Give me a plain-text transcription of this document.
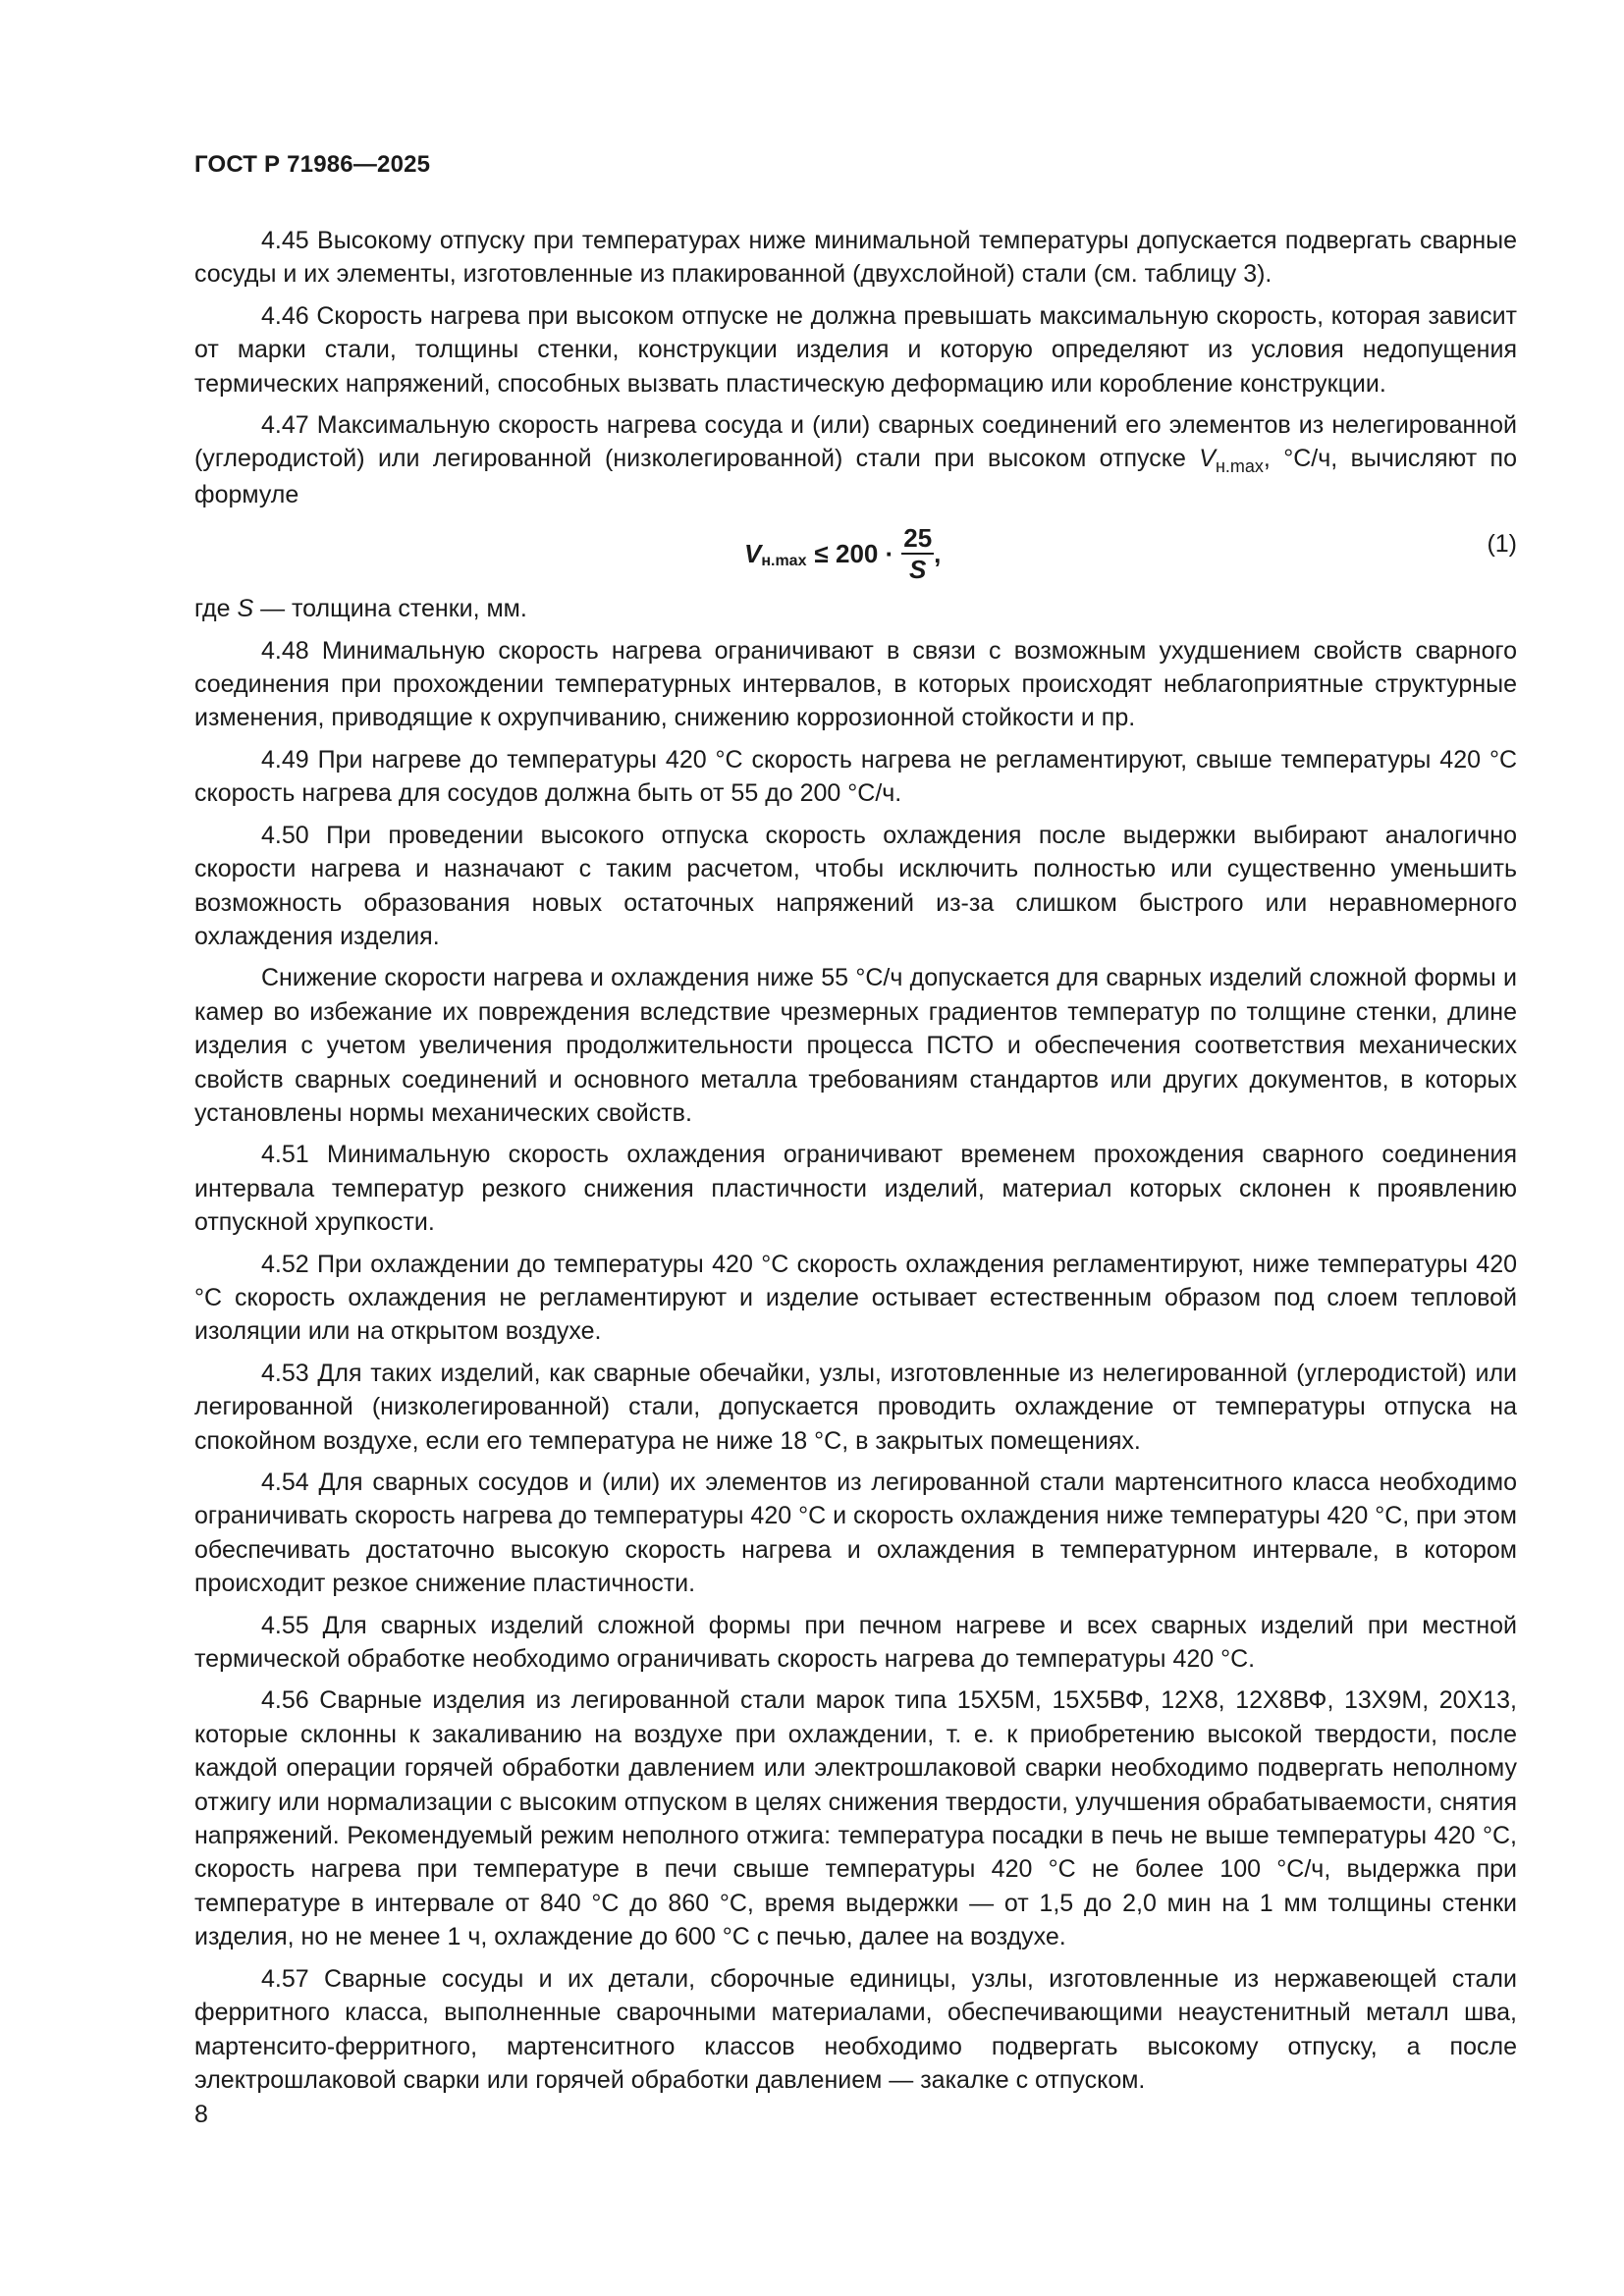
ГОСТ Р 71986—2025

4.45 Высокому отпуску при температурах ниже минимальной температуры допускается подвергать сварные сосуды и их элементы, изготовленные из плакированной (двухслойной) стали (см. таблицу 3).

4.46 Скорость нагрева при высоком отпуске не должна превышать максимальную скорость, которая зависит от марки стали, толщины стенки, конструкции изделия и которую определяют из условия недопущения термических напряжений, способных вызвать пластическую деформацию или коробление конструкции.

4.47 Максимальную скорость нагрева сосуда и (или) сварных соединений его элементов из нелегированной (углеродистой) или легированной (низколегированной) стали при высоком отпуске $V_{н.max}$, °С/ч, вычисляют по формуле

V $н.\max \le 200 \cdot \frac{25}{S}$ ,	(1)

где S — толщина стенки, мм.

4.48 Минимальную скорость нагрева ограничивают в связи с возможным ухудшением свойств сварного соединения при прохождении температурных интервалов, в которых происходят неблагоприятные структурные изменения, приводящие к охрупчиванию, снижению коррозионной стойкости и пр.

4.49 При нагреве до температуры 420 °С скорость нагрева не регламентируют, свыше температуры 420 °С скорость нагрева для сосудов должна быть от 55 до 200 °С/ч.

4.50 При проведении высокого отпуска скорость охлаждения после выдержки выбирают аналогично скорости нагрева и назначают с таким расчетом, чтобы исключить полностью или существенно уменьшить возможность образования новых остаточных напряжений из-за слишком быстрого или неравномерного охлаждения изделия.

Снижение скорости нагрева и охлаждения ниже 55 °С/ч допускается для сварных изделий сложной формы и камер во избежание их повреждения вследствие чрезмерных градиентов температур по толщине стенки, длине изделия с учетом увеличения продолжительности процесса ПСТО и обеспечения соответствия механических свойств сварных соединений и основного металла требованиям стандартов или других документов, в которых установлены нормы механических свойств.

4.51 Минимальную скорость охлаждения ограничивают временем прохождения сварного соединения интервала температур резкого снижения пластичности изделий, материал которых склонен к проявлению отпускной хрупкости.

4.52 При охлаждении до температуры 420 °С скорость охлаждения регламентируют, ниже температуры 420 °С скорость охлаждения не регламентируют и изделие остывает естественным образом под слоем тепловой изоляции или на открытом воздухе.

4.53 Для таких изделий, как сварные обечайки, узлы, изготовленные из нелегированной (углеродистой) или легированной (низколегированной) стали, допускается проводить охлаждение от температуры отпуска на спокойном воздухе, если его температура не ниже 18 °С, в закрытых помещениях.

4.54 Для сварных сосудов и (или) их элементов из легированной стали мартенситного класса необходимо ограничивать скорость нагрева до температуры 420 °С и скорость охлаждения ниже температуры 420 °С, при этом обеспечивать достаточно высокую скорость нагрева и охлаждения в температурном интервале, в котором происходит резкое снижение пластичности.

4.55 Для сварных изделий сложной формы при печном нагреве и всех сварных изделий при местной термической обработке необходимо ограничивать скорость нагрева до температуры 420 °С.

4.56 Сварные изделия из легированной стали марок типа 15Х5М, 15Х5ВФ, 12Х8, 12Х8ВФ, 13Х9М, 20Х13, которые склонны к закаливанию на воздухе при охлаждении, т. е. к приобретению высокой твердости, после каждой операции горячей обработки давлением или электрошлаковой сварки необходимо подвергать неполному отжигу или нормализации с высоким отпуском в целях снижения твердости, улучшения обрабатываемости, снятия напряжений. Рекомендуемый режим неполного отжига: температура посадки в печь не выше температуры 420 °С, скорость нагрева при температуре в печи свыше температуры 420 °С не более 100 °С/ч, выдержка при температуре в интервале от 840 °С до 860 °С, время выдержки — от 1,5 до 2,0 мин на 1 мм толщины стенки изделия, но не менее 1 ч, охлаждение до 600 °С с печью, далее на воздухе.

4.57 Сварные сосуды и их детали, сборочные единицы, узлы, изготовленные из нержавеющей стали ферритного класса, выполненные сварочными материалами, обеспечивающими неаустенитный металл шва, мартенсито-ферритного, мартенситного классов необходимо подвергать высокому отпуску, а после электрошлаковой сварки или горячей обработки давлением — закалке с отпуском.

8
